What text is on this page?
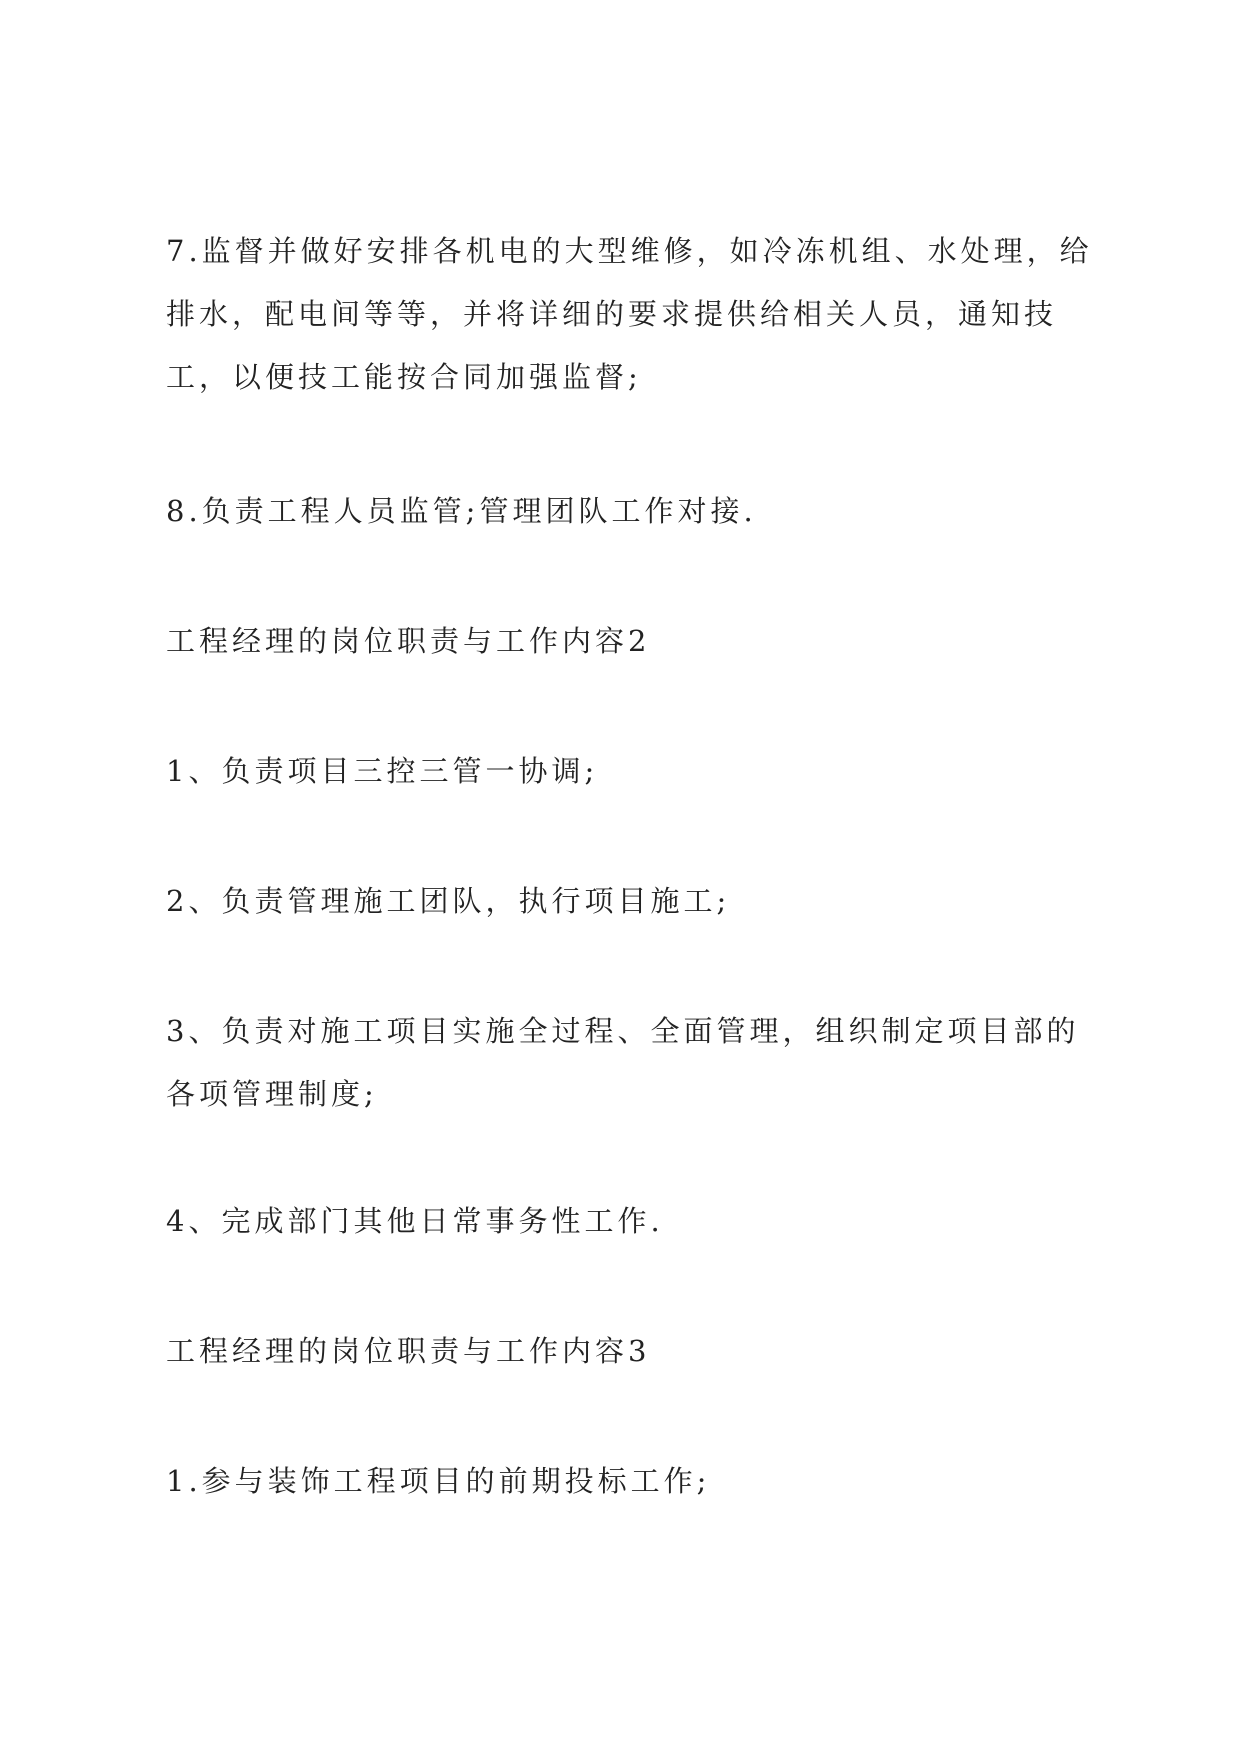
7.监督并做好安排各机电的大型维修，如冷冻机组、水处理，给排水，配电间等等，并将详细的要求提供给相关人员，通知技工，以便技工能按合同加强监督;
8.负责工程人员监管;管理团队工作对接.
工程经理的岗位职责与工作内容2
1、负责项目三控三管一协调;
2、负责管理施工团队，执行项目施工;
3、负责对施工项目实施全过程、全面管理，组织制定项目部的各项管理制度;
4、完成部门其他日常事务性工作.
工程经理的岗位职责与工作内容3
1.参与装饰工程项目的前期投标工作;
